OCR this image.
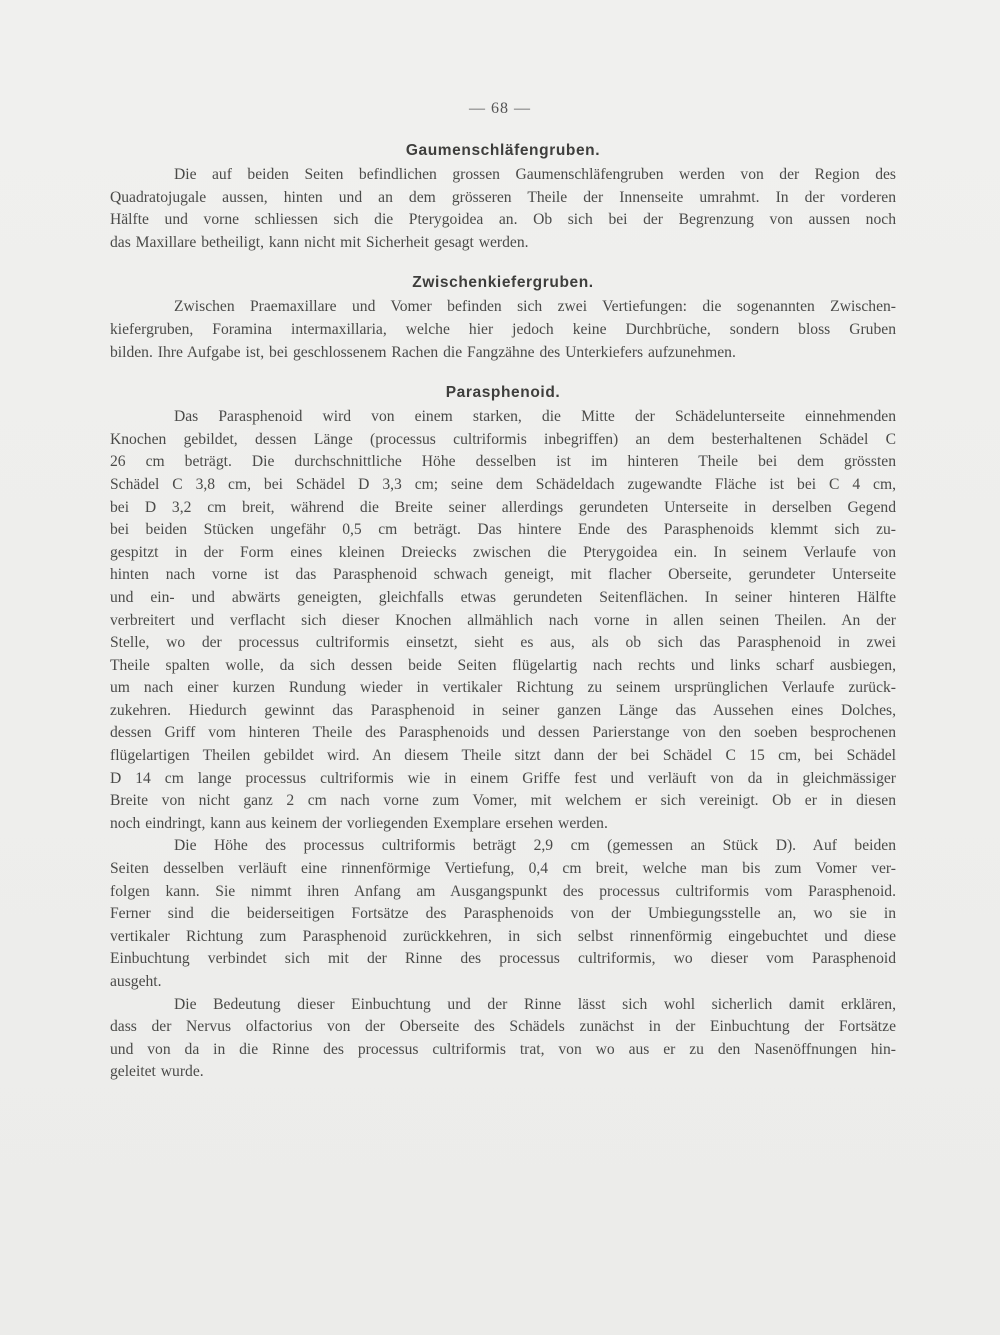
— 68 —
Gaumenschläfengruben.

Die auf beiden Seiten befindlichen grossen Gaumenschläfengruben werden von der Region des

Quadratojugale aussen, hinten und an dem grösseren Theile der Innenseite umrahmt. In der vorderen

Hälfte und vorne schliessen sich die Pterygoidea an. Ob sich bei der Begrenzung von aussen noch

das Maxillare betheiligt, kann nicht mit Sicherheit gesagt werden.

Zwischenkiefergruben.

Zwischen Praemaxillare und Vomer befinden sich zwei Vertiefungen: die sogenannten Zwischen-

kiefergruben, Foramina intermaxillaria, welche hier jedoch keine Durchbrüche, sondern bloss Gruben

bilden. Ihre Aufgabe ist, bei geschlossenem Rachen die Fangzähne des Unterkiefers aufzunehmen.

Parasphenoid.

Das Parasphenoid wird von einem starken, die Mitte der Schädelunterseite einnehmenden

Knochen gebildet, dessen Länge (processus cultriformis inbegriffen) an dem besterhaltenen Schädel C

26 cm beträgt. Die durchschnittliche Höhe desselben ist im hinteren Theile bei dem grössten

Schädel C 3,8 cm, bei Schädel D 3,3 cm; seine dem Schädeldach zugewandte Fläche ist bei C 4 cm,

bei D 3,2 cm breit, während die Breite seiner allerdings gerundeten Unterseite in derselben Gegend

bei beiden Stücken ungefähr 0,5 cm beträgt. Das hintere Ende des Parasphenoids klemmt sich zu-

gespitzt in der Form eines kleinen Dreiecks zwischen die Pterygoidea ein. In seinem Verlaufe von

hinten nach vorne ist das Parasphenoid schwach geneigt, mit flacher Oberseite, gerundeter Unterseite

und ein- und abwärts geneigten, gleichfalls etwas gerundeten Seitenflächen. In seiner hinteren Hälfte

verbreitert und verflacht sich dieser Knochen allmählich nach vorne in allen seinen Theilen. An der

Stelle, wo der processus cultriformis einsetzt, sieht es aus, als ob sich das Parasphenoid in zwei

Theile spalten wolle, da sich dessen beide Seiten flügelartig nach rechts und links scharf ausbiegen,

um nach einer kurzen Rundung wieder in vertikaler Richtung zu seinem ursprünglichen Verlaufe zurück-

zukehren. Hiedurch gewinnt das Parasphenoid in seiner ganzen Länge das Aussehen eines Dolches,

dessen Griff vom hinteren Theile des Parasphenoids und dessen Parierstange von den soeben besprochenen

flügelartigen Theilen gebildet wird. An diesem Theile sitzt dann der bei Schädel C 15 cm, bei Schädel

D 14 cm lange processus cultriformis wie in einem Griffe fest und verläuft von da in gleichmässiger

Breite von nicht ganz 2 cm nach vorne zum Vomer, mit welchem er sich vereinigt. Ob er in diesen

noch eindringt, kann aus keinem der vorliegenden Exemplare ersehen werden.

Die Höhe des processus cultriformis beträgt 2,9 cm (gemessen an Stück D). Auf beiden

Seiten desselben verläuft eine rinnenförmige Vertiefung, 0,4 cm breit, welche man bis zum Vomer ver-

folgen kann. Sie nimmt ihren Anfang am Ausgangspunkt des processus cultriformis vom Parasphenoid.

Ferner sind die beiderseitigen Fortsätze des Parasphenoids von der Umbiegungsstelle an, wo sie in

vertikaler Richtung zum Parasphenoid zurückkehren, in sich selbst rinnenförmig eingebuchtet und diese

Einbuchtung verbindet sich mit der Rinne des processus cultriformis, wo dieser vom Parasphenoid

ausgeht.

Die Bedeutung dieser Einbuchtung und der Rinne lässt sich wohl sicherlich damit erklären,

dass der Nervus olfactorius von der Oberseite des Schädels zunächst in der Einbuchtung der Fortsätze

und von da in die Rinne des processus cultriformis trat, von wo aus er zu den Nasenöffnungen hin-

geleitet wurde.
